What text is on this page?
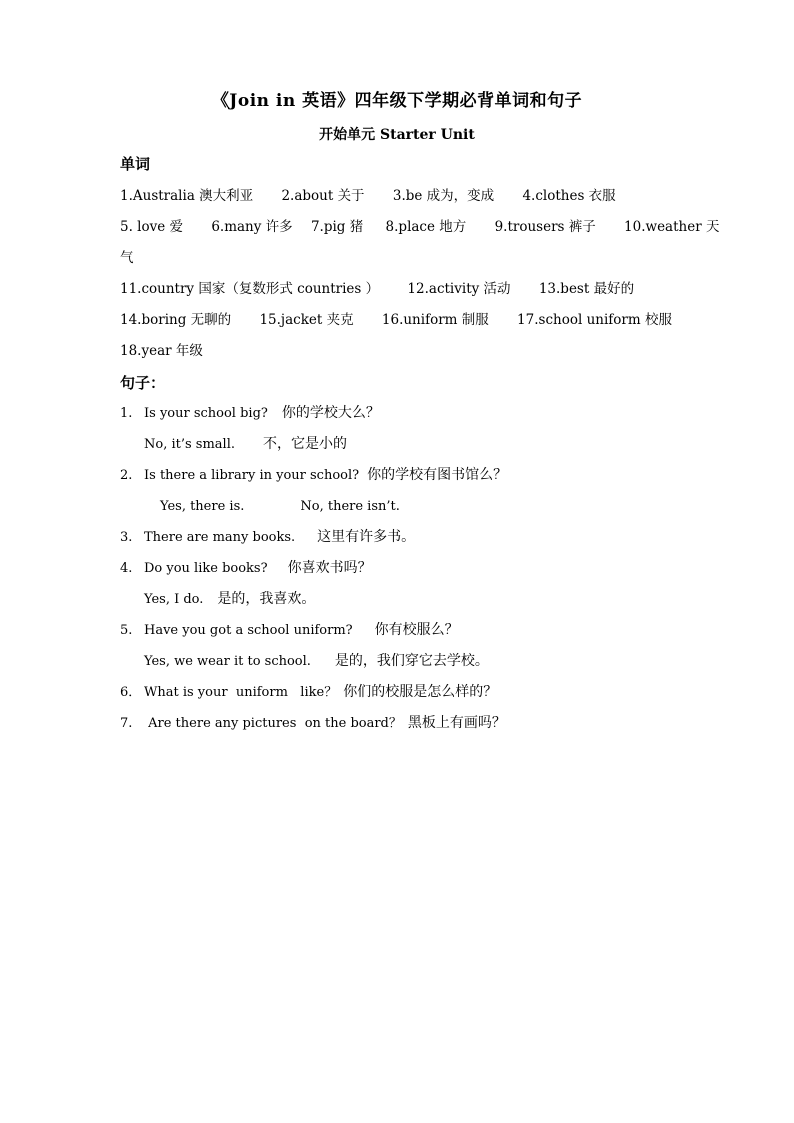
《Join in 英语》四年级下学期必背单词和句子
开始单元 Starter Unit
单词
1.Australia 澳大利亚 2.about 关于 3.be 成为，变成 4.clothes 衣服
5. love 爱 6.many 许多 7.pig 猪 8.place 地方 9.trousers 裤子 10.weather 天气
11.country 国家（复数形式 countries ） 12.activity 活动 13.best 最好的
14.boring 无聊的 15.jacket 夹克 16.uniform 制服 17.school uniform 校服
18.year 年级
句子：
1. Is your school big? 你的学校大么？
No, it’s small. 不，它是小的
2. Is there a library in your school? 你的学校有图书馆么？
Yes, there is.	No, there isn’t.
3. There are many books. 这里有许多书。
4. Do you like books? 你喜欢书吗？
Yes, I do. 是的，我喜欢。
5. Have you got a school uniform? 你有校服么？
Yes, we wear it to school. 是的，我们穿它去学校。
6． What is your  uniform   like？ 你们的校服是怎么样的？
7. Are there any pictures  on the board？ 黑板上有画吗？
